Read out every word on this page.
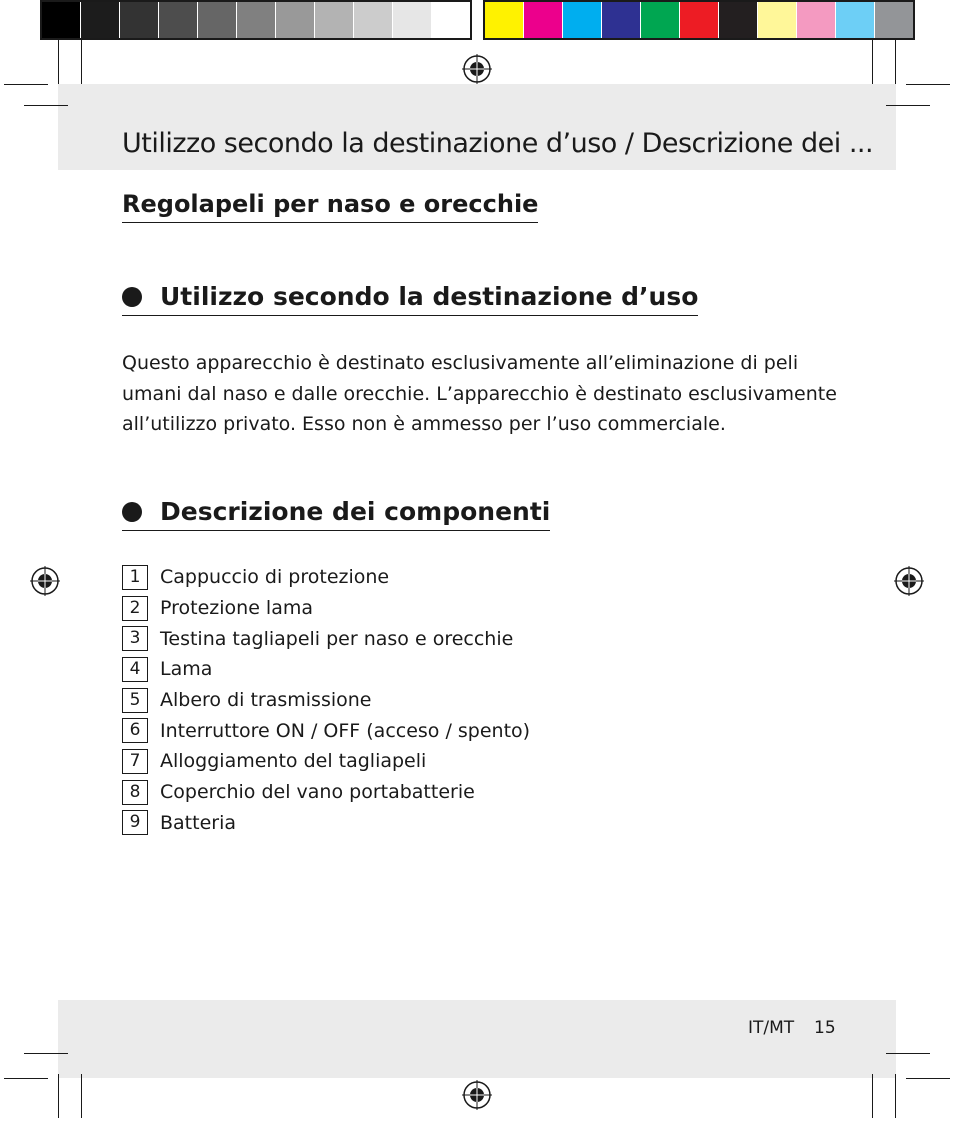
Utilizzo secondo la destinazione d’uso / Descrizione dei ...
Regolapeli per naso e orecchie
Utilizzo secondo la destinazione d’uso

Questo apparecchio è destinato esclusivamente all’eliminazione di peli
umani dal naso e dalle orecchie. L’apparecchio è destinato esclusivamente
all’utilizzo privato. Esso non è ammesso per l’uso commerciale.

Descrizione dei componenti
1	Cappuccio di protezione
2	Protezione lama
3	Testina tagliapeli per naso e orecchie
4	Lama
5	Albero di trasmissione
6	Interruttore ON / OFF (acceso / spento)
7	Alloggiamento del tagliapeli
8	Coperchio del vano portabatterie
9	Batteria
IT/MT 15
